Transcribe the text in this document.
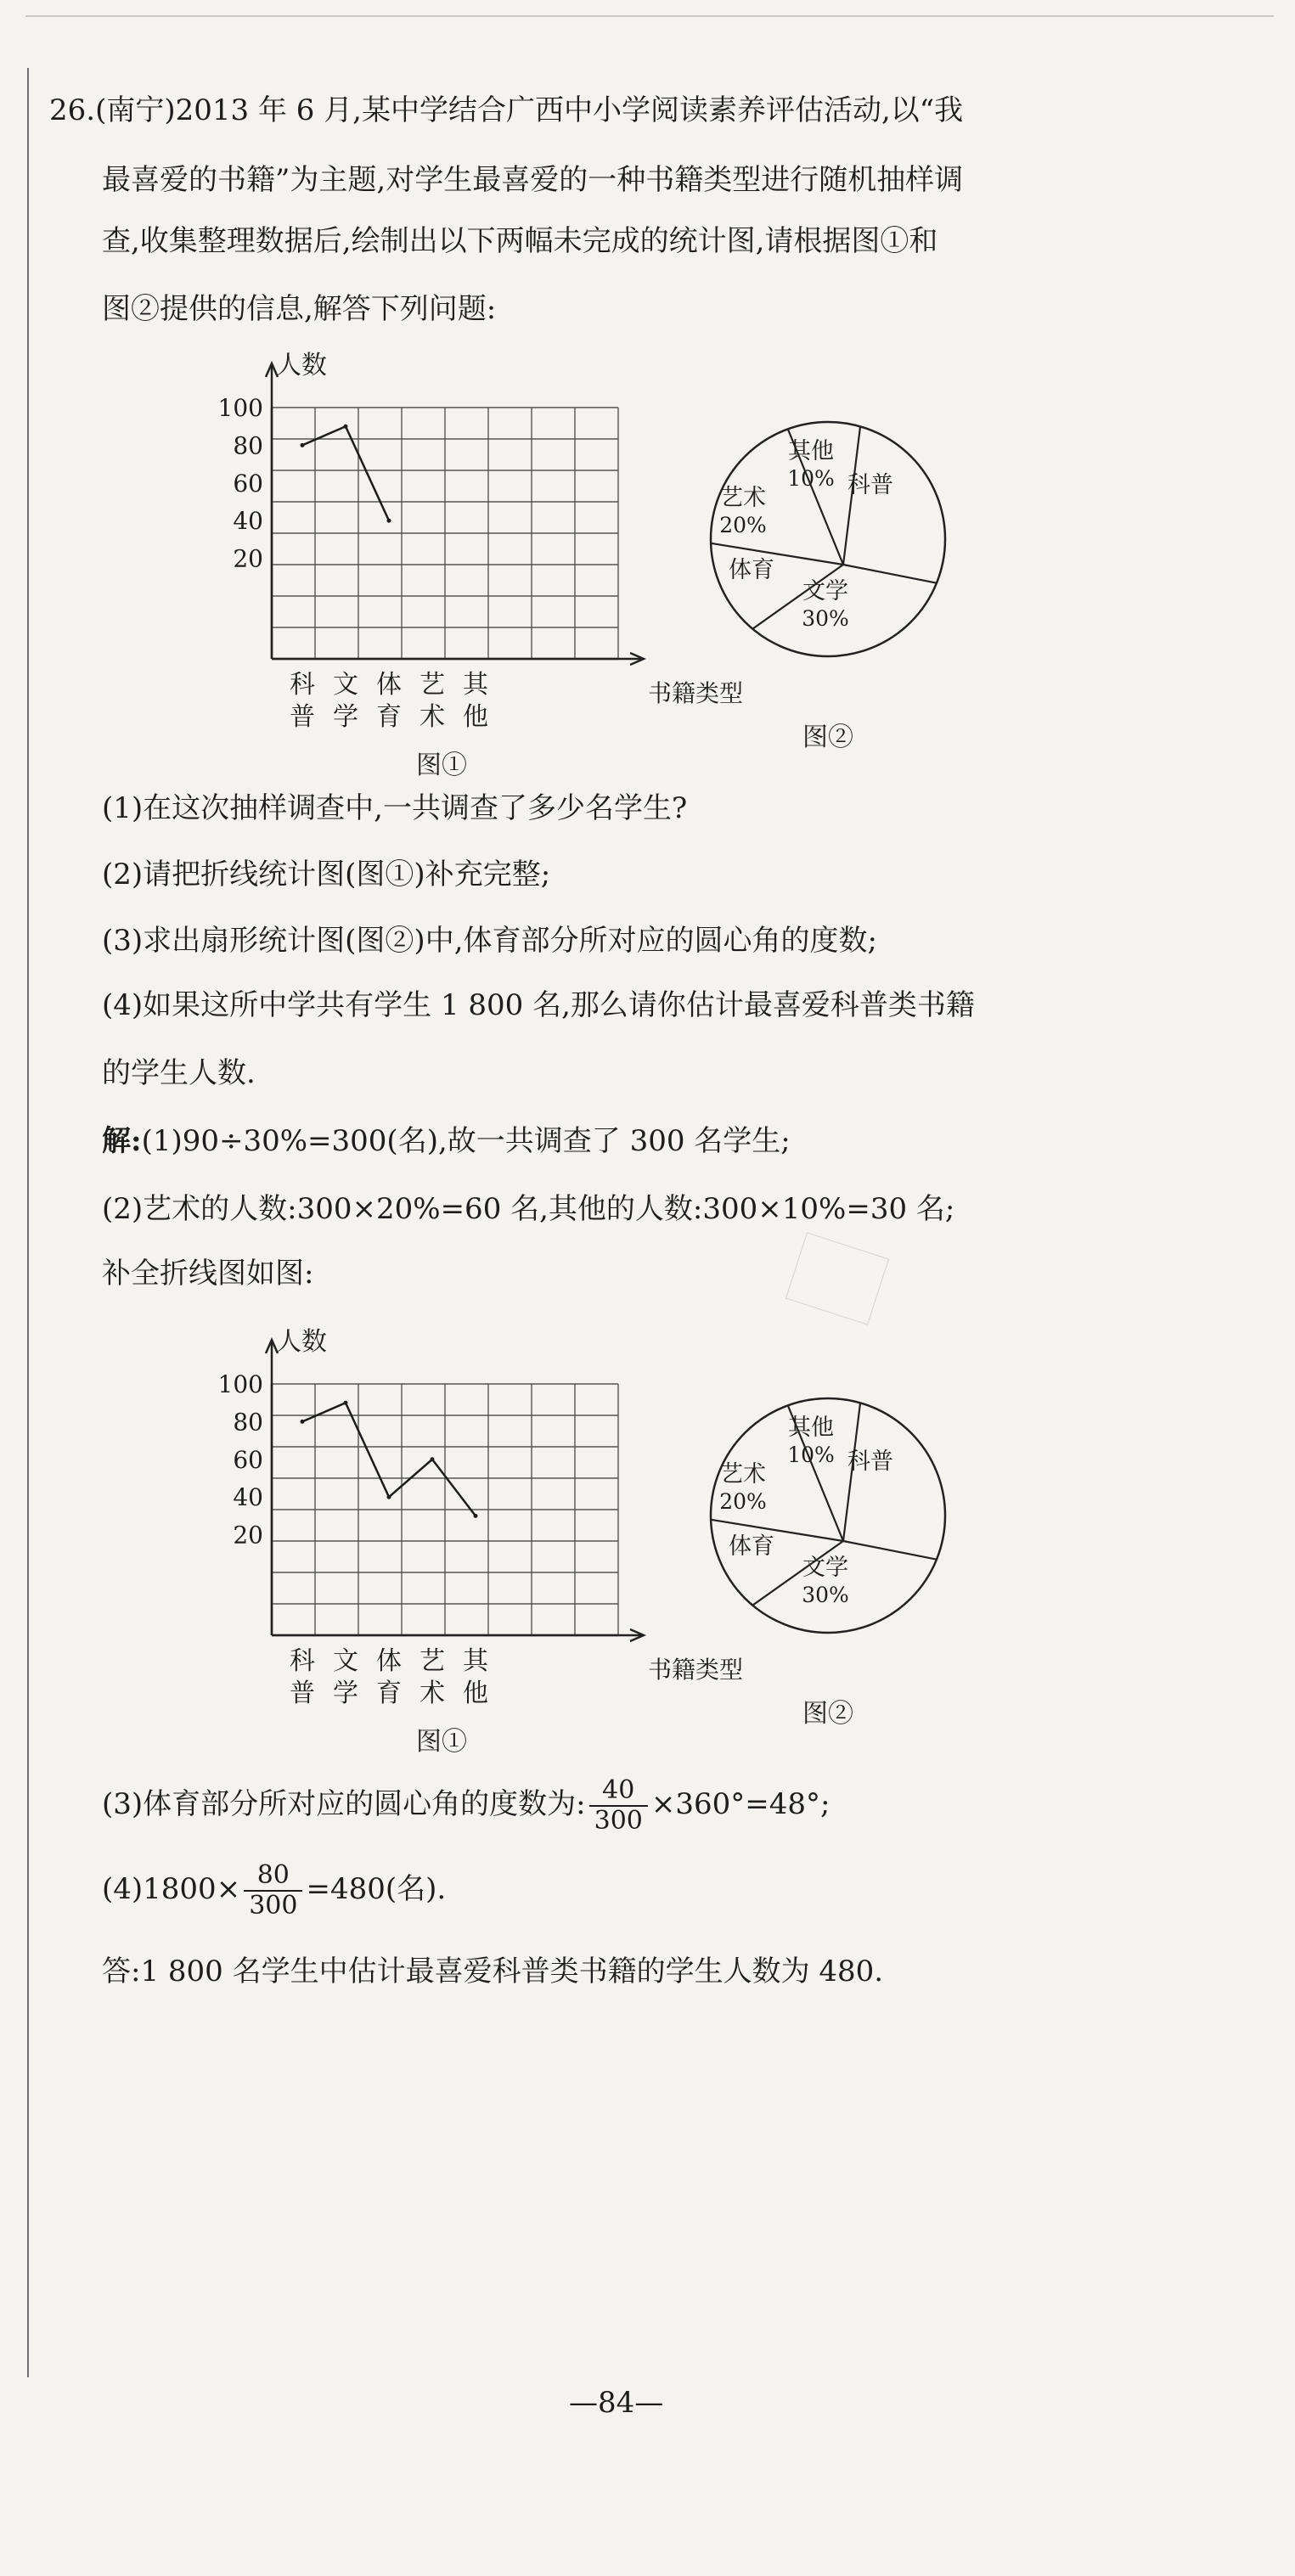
26.(南宁)2013 年 6 月,某中学结合广西中小学阅读素养评估活动,以“我
最喜爱的书籍”为主题,对学生最喜爱的一种书籍类型进行随机抽样调
查,收集整理数据后,绘制出以下两幅未完成的统计图,请根据图①和
图②提供的信息,解答下列问题:
人数
书籍类型
20
40
60
80
100
科
普
文
学
体
育
艺
术
其
他
图①
其他
10% 科普
文学
30%
体育
艺术
20%
图②
(1)在这次抽样调查中,一共调查了多少名学生?
(2)请把折线统计图(图①)补充完整;
(3)求出扇形统计图(图②)中,体育部分所对应的圆心角的度数;
(4)如果这所中学共有学生 1 800 名,那么请你估计最喜爱科普类书籍
的学生人数.
解:(1)90÷30%=300(名),故一共调查了 300 名学生;
(2)艺术的人数:300×20%=60 名,其他的人数:300×10%=30 名;
补全折线图如图:
人数
书籍类型
20
40
60
80
100
科
普
文
学
体
育
艺
术
其
他
图①
其他
10% 科普
文学
30%
体育
艺术
20%
图②
(3)体育部分所对应的圆心角的度数为: $\frac{40}{300} \times 360^\circ=48^\circ$;
$(4)1800\times \frac{80}{300} =480$(名).
答:1 800 名学生中估计最喜爱科普类书籍的学生人数为 480.
—84—
